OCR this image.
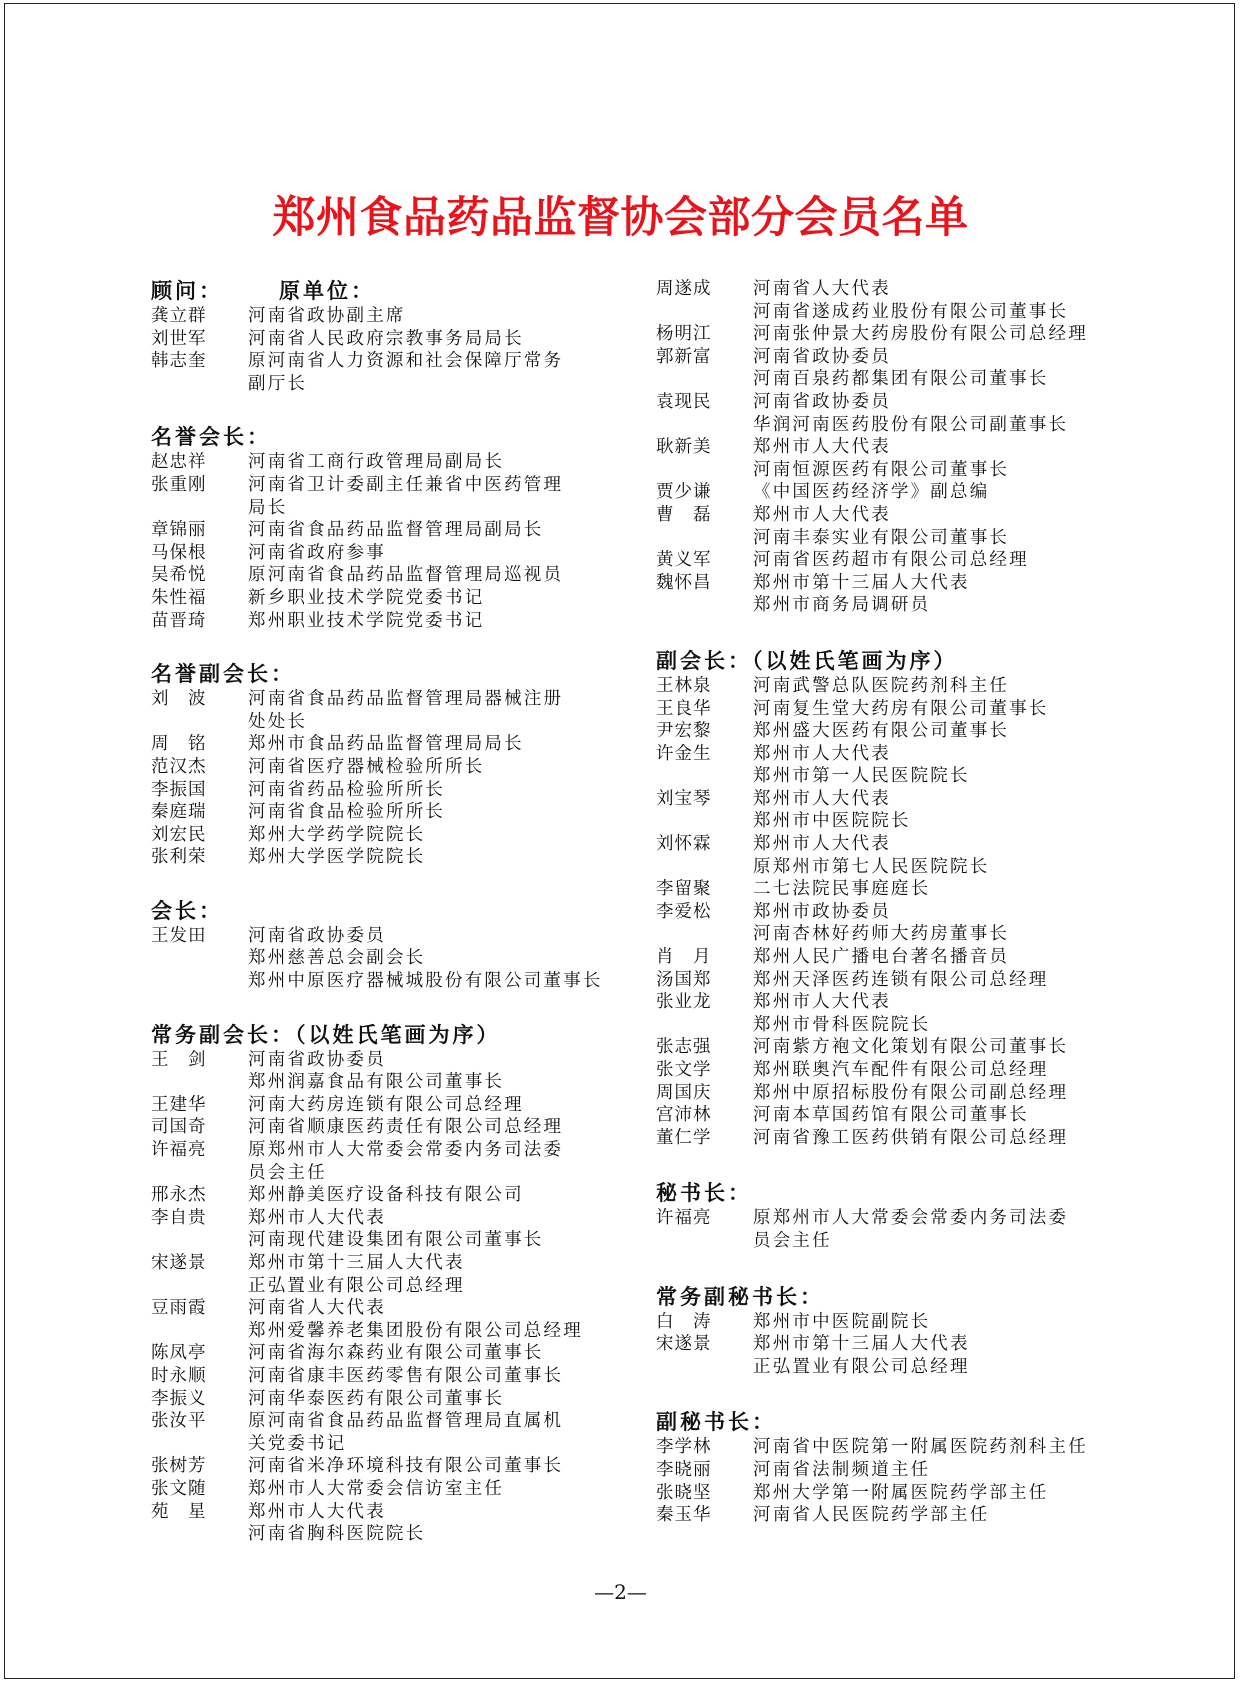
郑州食品药品监督协会部分会员名单
顾问：	原单位：
龚立群	河南省政协副主席
刘世军	河南省人民政府宗教事务局局长
韩志奎	原河南省人力资源和社会保障厅常务
副厅长
名誉会长：
赵忠祥	河南省工商行政管理局副局长
张重刚	河南省卫计委副主任兼省中医药管理
局长
章锦丽	河南省食品药品监督管理局副局长
马保根	河南省政府参事
吴希悦	原河南省食品药品监督管理局巡视员
朱性福	新乡职业技术学院党委书记
苗晋琦	郑州职业技术学院党委书记
名誉副会长：
刘　波	河南省食品药品监督管理局器械注册
处处长
周　铭	郑州市食品药品监督管理局局长
范汉杰	河南省医疗器械检验所所长
李振国	河南省药品检验所所长
秦庭瑞	河南省食品检验所所长
刘宏民	郑州大学药学院院长
张利荣	郑州大学医学院院长
会长：
王发田	河南省政协委员
郑州慈善总会副会长
郑州中原医疗器械城股份有限公司董事长
常务副会长：（以姓氏笔画为序）
王　剑	河南省政协委员
郑州润嘉食品有限公司董事长
王建华	河南大药房连锁有限公司总经理
司国奇	河南省顺康医药责任有限公司总经理
许福亮	原郑州市人大常委会常委内务司法委
员会主任
邢永杰	郑州静美医疗设备科技有限公司
李自贵	郑州市人大代表
河南现代建设集团有限公司董事长
宋遂景	郑州市第十三届人大代表
正弘置业有限公司总经理
豆雨霞	河南省人大代表
郑州爱馨养老集团股份有限公司总经理
陈凤亭	河南省海尔森药业有限公司董事长
时永顺	河南省康丰医药零售有限公司董事长
李振义	河南华泰医药有限公司董事长
张汝平	原河南省食品药品监督管理局直属机
关党委书记
张树芳	河南省米净环境科技有限公司董事长
张文随	郑州市人大常委会信访室主任
苑　星	郑州市人大代表
河南省胸科医院院长
周遂成	河南省人大代表
河南省遂成药业股份有限公司董事长
杨明江	河南张仲景大药房股份有限公司总经理
郭新富	河南省政协委员
河南百泉药都集团有限公司董事长
袁现民	河南省政协委员
华润河南医药股份有限公司副董事长
耿新美	郑州市人大代表
河南恒源医药有限公司董事长
贾少谦	《中国医药经济学》副总编
曹　磊	郑州市人大代表
河南丰泰实业有限公司董事长
黄义军	河南省医药超市有限公司总经理
魏怀昌	郑州市第十三届人大代表
郑州市商务局调研员
副会长：（以姓氏笔画为序）
王林泉	河南武警总队医院药剂科主任
王良华	河南复生堂大药房有限公司董事长
尹宏黎	郑州盛大医药有限公司董事长
许金生	郑州市人大代表
郑州市第一人民医院院长
刘宝琴	郑州市人大代表
郑州市中医院院长
刘怀霖	郑州市人大代表
原郑州市第七人民医院院长
李留聚	二七法院民事庭庭长
李爱松	郑州市政协委员
河南杏林好药师大药房董事长
肖　月	郑州人民广播电台著名播音员
汤国郑	郑州天泽医药连锁有限公司总经理
张业龙	郑州市人大代表
郑州市骨科医院院长
张志强	河南紫方袍文化策划有限公司董事长
张文学	郑州联奥汽车配件有限公司总经理
周国庆	郑州中原招标股份有限公司副总经理
宫沛林	河南本草国药馆有限公司董事长
董仁学	河南省豫工医药供销有限公司总经理
秘书长：
许福亮	原郑州市人大常委会常委内务司法委
员会主任
常务副秘书长：
白　涛	郑州市中医院副院长
宋遂景	郑州市第十三届人大代表
正弘置业有限公司总经理
副秘书长：
李学林	河南省中医院第一附属医院药剂科主任
李晓丽	河南省法制频道主任
张晓坚	郑州大学第一附属医院药学部主任
秦玉华	河南省人民医院药学部主任
—2—
